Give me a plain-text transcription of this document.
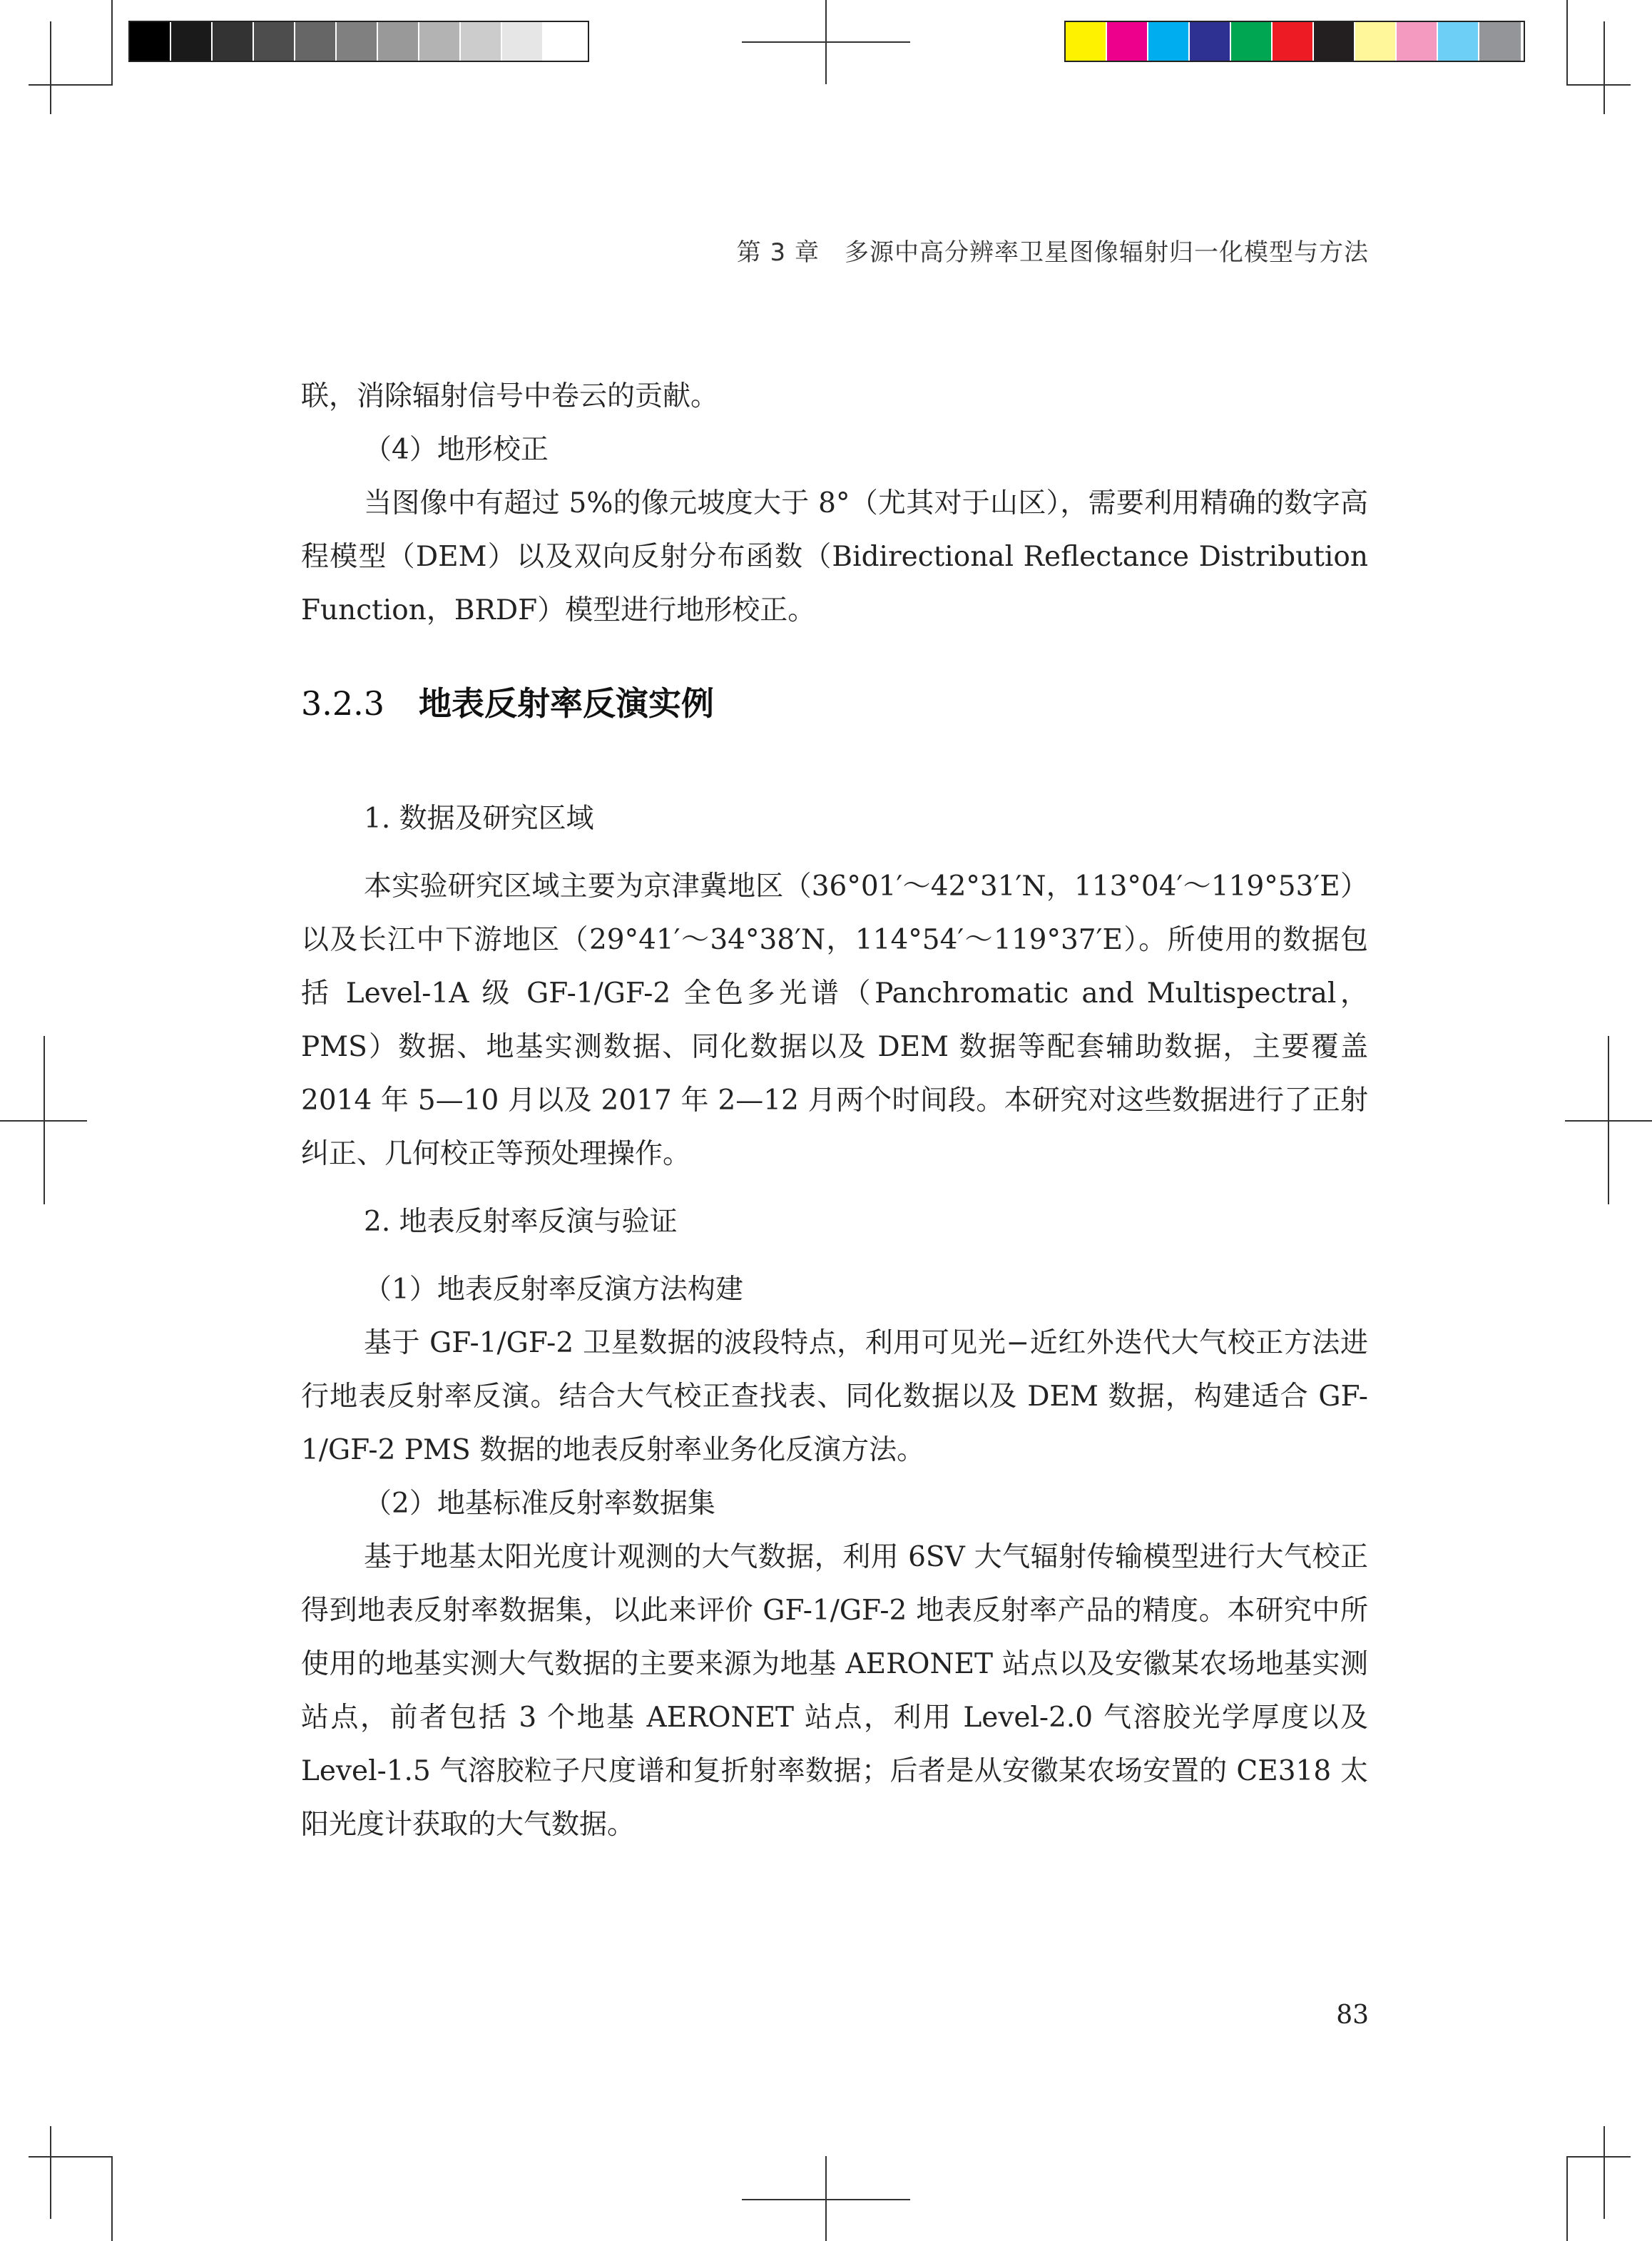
第 3 章　多源中高分辨率卫星图像辐射归一化模型与方法

联，消除辐射信号中卷云的贡献。

（4）地形校正

当图像中有超过 5%的像元坡度大于 8°（尤其对于山区），需要利用精确的数字高程模型（DEM）以及双向反射分布函数（Bidirectional Reflectance Distribution Function，BRDF）模型进行地形校正。

3.2.3 地表反射率反演实例

1. 数据及研究区域

本实验研究区域主要为京津冀地区（36°01′～42°31′N，113°04′～119°53′E）以及长江中下游地区（29°41′～34°38′N，114°54′～119°37′E）。所使用的数据包括 Level-1A 级 GF-1/GF-2 全色多光谱（Panchromatic and Multispectral，PMS）数据、地基实测数据、同化数据以及 DEM 数据等配套辅助数据，主要覆盖 2014 年 5—10 月以及 2017 年 2—12 月两个时间段。本研究对这些数据进行了正射纠正、几何校正等预处理操作。

2. 地表反射率反演与验证

（1）地表反射率反演方法构建

基于 GF-1/GF-2 卫星数据的波段特点，利用可见光−近红外迭代大气校正方法进行地表反射率反演。结合大气校正查找表、同化数据以及 DEM 数据，构建适合 GF-1/GF-2 PMS 数据的地表反射率业务化反演方法。

（2）地基标准反射率数据集

基于地基太阳光度计观测的大气数据，利用 6SV 大气辐射传输模型进行大气校正得到地表反射率数据集，以此来评价 GF-1/GF-2 地表反射率产品的精度。本研究中所使用的地基实测大气数据的主要来源为地基 AERONET 站点以及安徽某农场地基实测站点，前者包括 3 个地基 AERONET 站点，利用 Level-2.0 气溶胶光学厚度以及 Level-1.5 气溶胶粒子尺度谱和复折射率数据；后者是从安徽某农场安置的 CE318 太阳光度计获取的大气数据。

83
